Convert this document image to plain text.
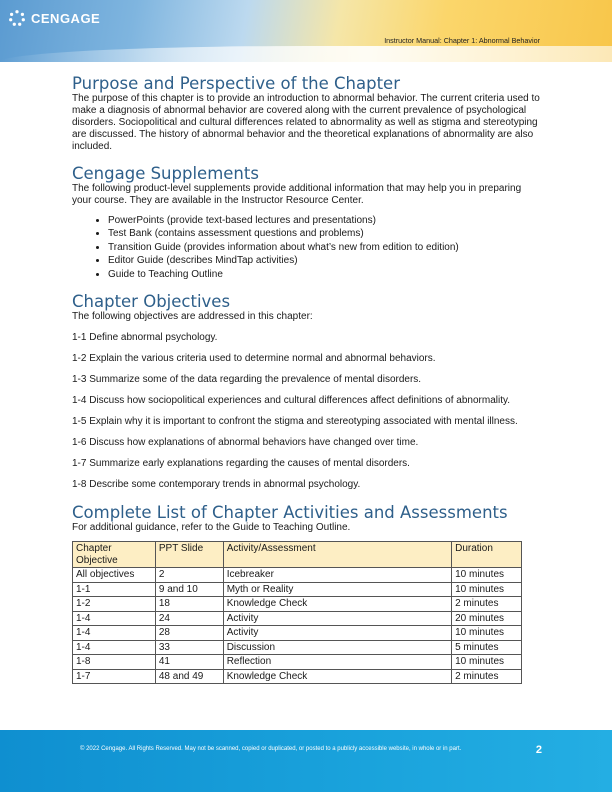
CENGAGE
Instructor Manual: Chapter 1: Abnormal Behavior
Purpose and Perspective of the Chapter

The purpose of this chapter is to provide an introduction to abnormal behavior. The current criteria used to make a diagnosis of abnormal behavior are covered along with the current prevalence of psychological disorders. Sociopolitical and cultural differences related to abnormality as well as stigma and stereotyping are discussed. The history of abnormal behavior and the theoretical explanations of abnormality are also included.

Cengage Supplements

The following product-level supplements provide additional information that may help you in preparing your course. They are available in the Instructor Resource Center.

• PowerPoints (provide text-based lectures and presentations)
• Test Bank (contains assessment questions and problems)
• Transition Guide (provides information about what’s new from edition to edition)
• Editor Guide (describes MindTap activities)
• Guide to Teaching Outline
Chapter Objectives

The following objectives are addressed in this chapter:

1-1 Define abnormal psychology.

1-2 Explain the various criteria used to determine normal and abnormal behaviors.

1-3 Summarize some of the data regarding the prevalence of mental disorders.

1-4 Discuss how sociopolitical experiences and cultural differences affect definitions of abnormality.

1-5 Explain why it is important to confront the stigma and stereotyping associated with mental illness.

1-6 Discuss how explanations of abnormal behaviors have changed over time.

1-7 Summarize early explanations regarding the causes of mental disorders.

1-8 Describe some contemporary trends in abnormal psychology.

Complete List of Chapter Activities and Assessments

For additional guidance, refer to the Guide to Teaching Outline.

Chapter Objective	PPT Slide	Activity/Assessment	Duration
All objectives	2	Icebreaker	10 minutes
1-1	9 and 10	Myth or Reality	10 minutes
1-2	18	Knowledge Check	2 minutes
1-4	24	Activity	20 minutes
1-4	28	Activity	10 minutes
1-4	33	Discussion	5 minutes
1-8	41	Reflection	10 minutes
1-7	48 and 49	Knowledge Check	2 minutes
© 2022 Cengage. All Rights Reserved. May not be scanned, copied or duplicated, or posted to a publicly accessible website, in whole or in part.	2
